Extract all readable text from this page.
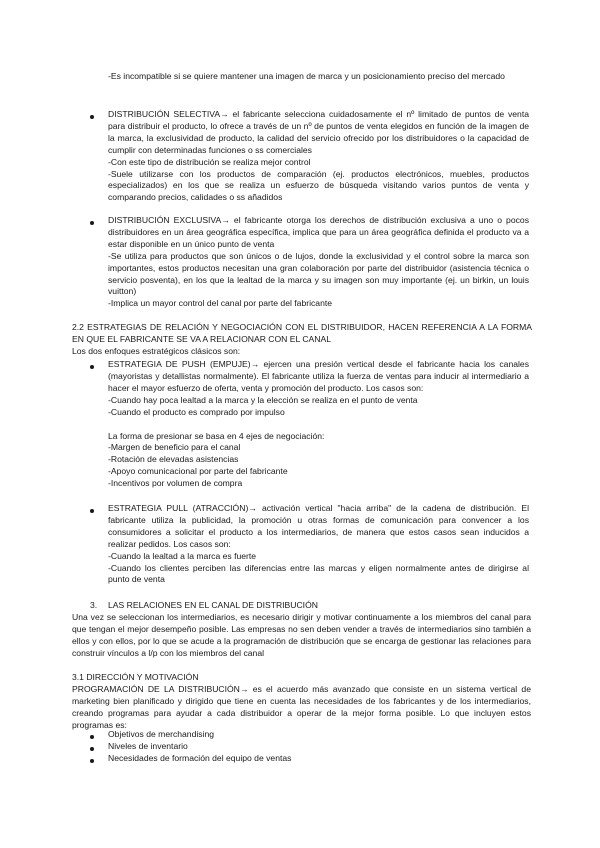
-Es incompatible si se quiere mantener una imagen de marca y un posicionamiento preciso del mercado

DISTRIBUCIÓN SELECTIVA→ el fabricante selecciona cuidadosamente el nº limitado de puntos de venta para distribuir el producto, lo ofrece a través de un nº de puntos de venta elegidos en función de la imagen de la marca, la exclusividad de producto, la calidad del servicio ofrecido por los distribuidores o la capacidad de cumplir con determinadas funciones o ss comerciales

-Con este tipo de distribución se realiza mejor control

-Suele utilizarse con los productos de comparación (ej. productos electrónicos, muebles, productos especializados) en los que se realiza un esfuerzo de búsqueda visitando varios puntos de venta y comparando precios, calidades o ss añadidos

DISTRIBUCIÓN EXCLUSIVA→ el fabricante otorga los derechos de distribución exclusiva a uno o pocos distribuidores en un área geográfica específica, implica que para un área geográfica definida el producto va a estar disponible en un único punto de venta

-Se utiliza para productos que son únicos o de lujos, donde la exclusividad y el control sobre la marca son importantes, estos productos necesitan una gran colaboración por parte del distribuidor (asistencia técnica o servicio posventa), en los que la lealtad de la marca y su imagen son muy importante (ej. un birkin, un louis vuitton)

-Implica un mayor control del canal por parte del fabricante

2.2 ESTRATEGIAS DE RELACIÓN Y NEGOCIACIÓN CON EL DISTRIBUIDOR, HACEN REFERENCIA A LA FORMA EN QUE EL FABRICANTE SE VA A RELACIONAR CON EL CANAL

Los dos enfoques estratégicos clásicos son:

ESTRATEGIA DE PUSH (EMPUJE)→ ejercen una presión vertical desde el fabricante hacia los canales (mayoristas y detallistas normalmente). El fabricante utiliza la fuerza de ventas para inducir al intermediario a hacer el mayor esfuerzo de oferta, venta y promoción del producto. Los casos son:

-Cuando hay poca lealtad a la marca y la elección se realiza en el punto de venta

-Cuando el producto es comprado por impulso

La forma de presionar se basa en 4 ejes de negociación:

-Margen de beneficio para el canal

-Rotación de elevadas asistencias

-Apoyo comunicacional por parte del fabricante

-Incentivos por volumen de compra

ESTRATEGIA PULL (ATRACCIÓN)→ activación vertical "hacia arriba" de la cadena de distribución. El fabricante utiliza la publicidad, la promoción u otras formas de comunicación para convencer a los consumidores a solicitar el producto a los intermediarios, de manera que estos casos sean inducidos a realizar pedidos. Los casos son:

-Cuando la lealtad a la marca es fuerte

-Cuando los clientes perciben las diferencias entre las marcas y eligen normalmente antes de dirigirse al punto de venta

3. LAS RELACIONES EN EL CANAL DE DISTRIBUCIÓN

Una vez se seleccionan los intermediarios, es necesario dirigir y motivar continuamente a los miembros del canal para que tengan el mejor desempeño posible. Las empresas no sen deben vender a través de intermediarios sino también a ellos y con ellos, por lo que se acude a la programación de distribución que se encarga de gestionar las relaciones para construir vínculos a l/p con los miembros del canal

3.1 DIRECCIÓN Y MOTIVACIÓN

PROGRAMACIÓN DE LA DISTRIBUCIÓN→ es el acuerdo más avanzado que consiste en un sistema vertical de marketing bien planificado y dirigido que tiene en cuenta las necesidades de los fabricantes y de los intermediarios, creando programas para ayudar a cada distribuidor a operar de la mejor forma posible. Lo que incluyen estos programas es:

Objetivos de merchandising
Niveles de inventario
Necesidades de formación del equipo de ventas
